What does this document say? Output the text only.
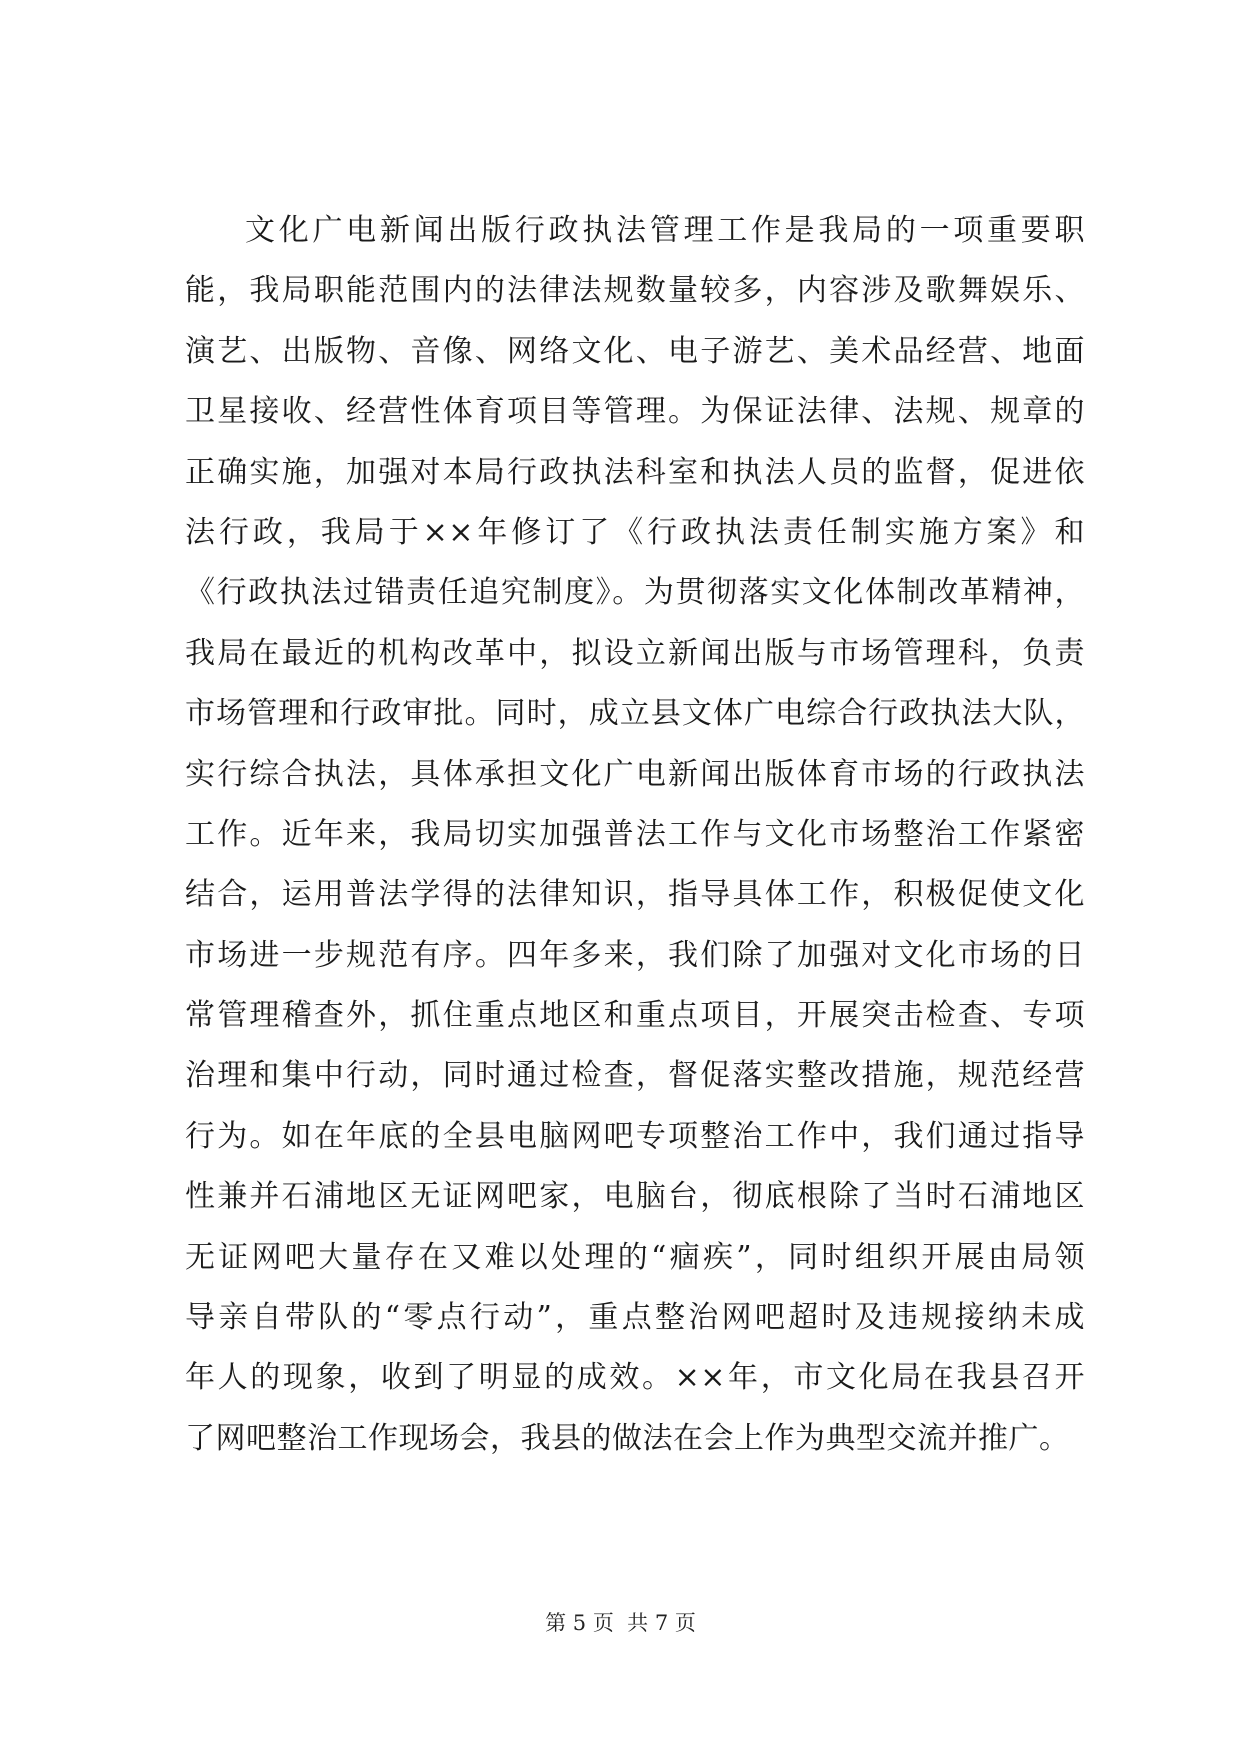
文化广电新闻出版行政执法管理工作是我局的一项重要职
能，我局职能范围内的法律法规数量较多，内容涉及歌舞娱乐、
演艺、出版物、音像、网络文化、电子游艺、美术品经营、地面
卫星接收、经营性体育项目等管理。为保证法律、法规、规章的
正确实施，加强对本局行政执法科室和执法人员的监督，促进依
法行政，我局于××年修订了《行政执法责任制实施方案》和
《行政执法过错责任追究制度》。为贯彻落实文化体制改革精神，
我局在最近的机构改革中，拟设立新闻出版与市场管理科，负责
市场管理和行政审批。同时，成立县文体广电综合行政执法大队，
实行综合执法，具体承担文化广电新闻出版体育市场的行政执法
工作。近年来，我局切实加强普法工作与文化市场整治工作紧密
结合，运用普法学得的法律知识，指导具体工作，积极促使文化
市场进一步规范有序。四年多来，我们除了加强对文化市场的日
常管理稽查外，抓住重点地区和重点项目，开展突击检查、专项
治理和集中行动，同时通过检查，督促落实整改措施，规范经营
行为。如在年底的全县电脑网吧专项整治工作中，我们通过指导
性兼并石浦地区无证网吧家，电脑台，彻底根除了当时石浦地区
无证网吧大量存在又难以处理的“痼疾”，同时组织开展由局领
导亲自带队的“零点行动”，重点整治网吧超时及违规接纳未成
年人的现象，收到了明显的成效。××年，市文化局在我县召开
了网吧整治工作现场会，我县的做法在会上作为典型交流并推广。
第 5 页  共 7 页
